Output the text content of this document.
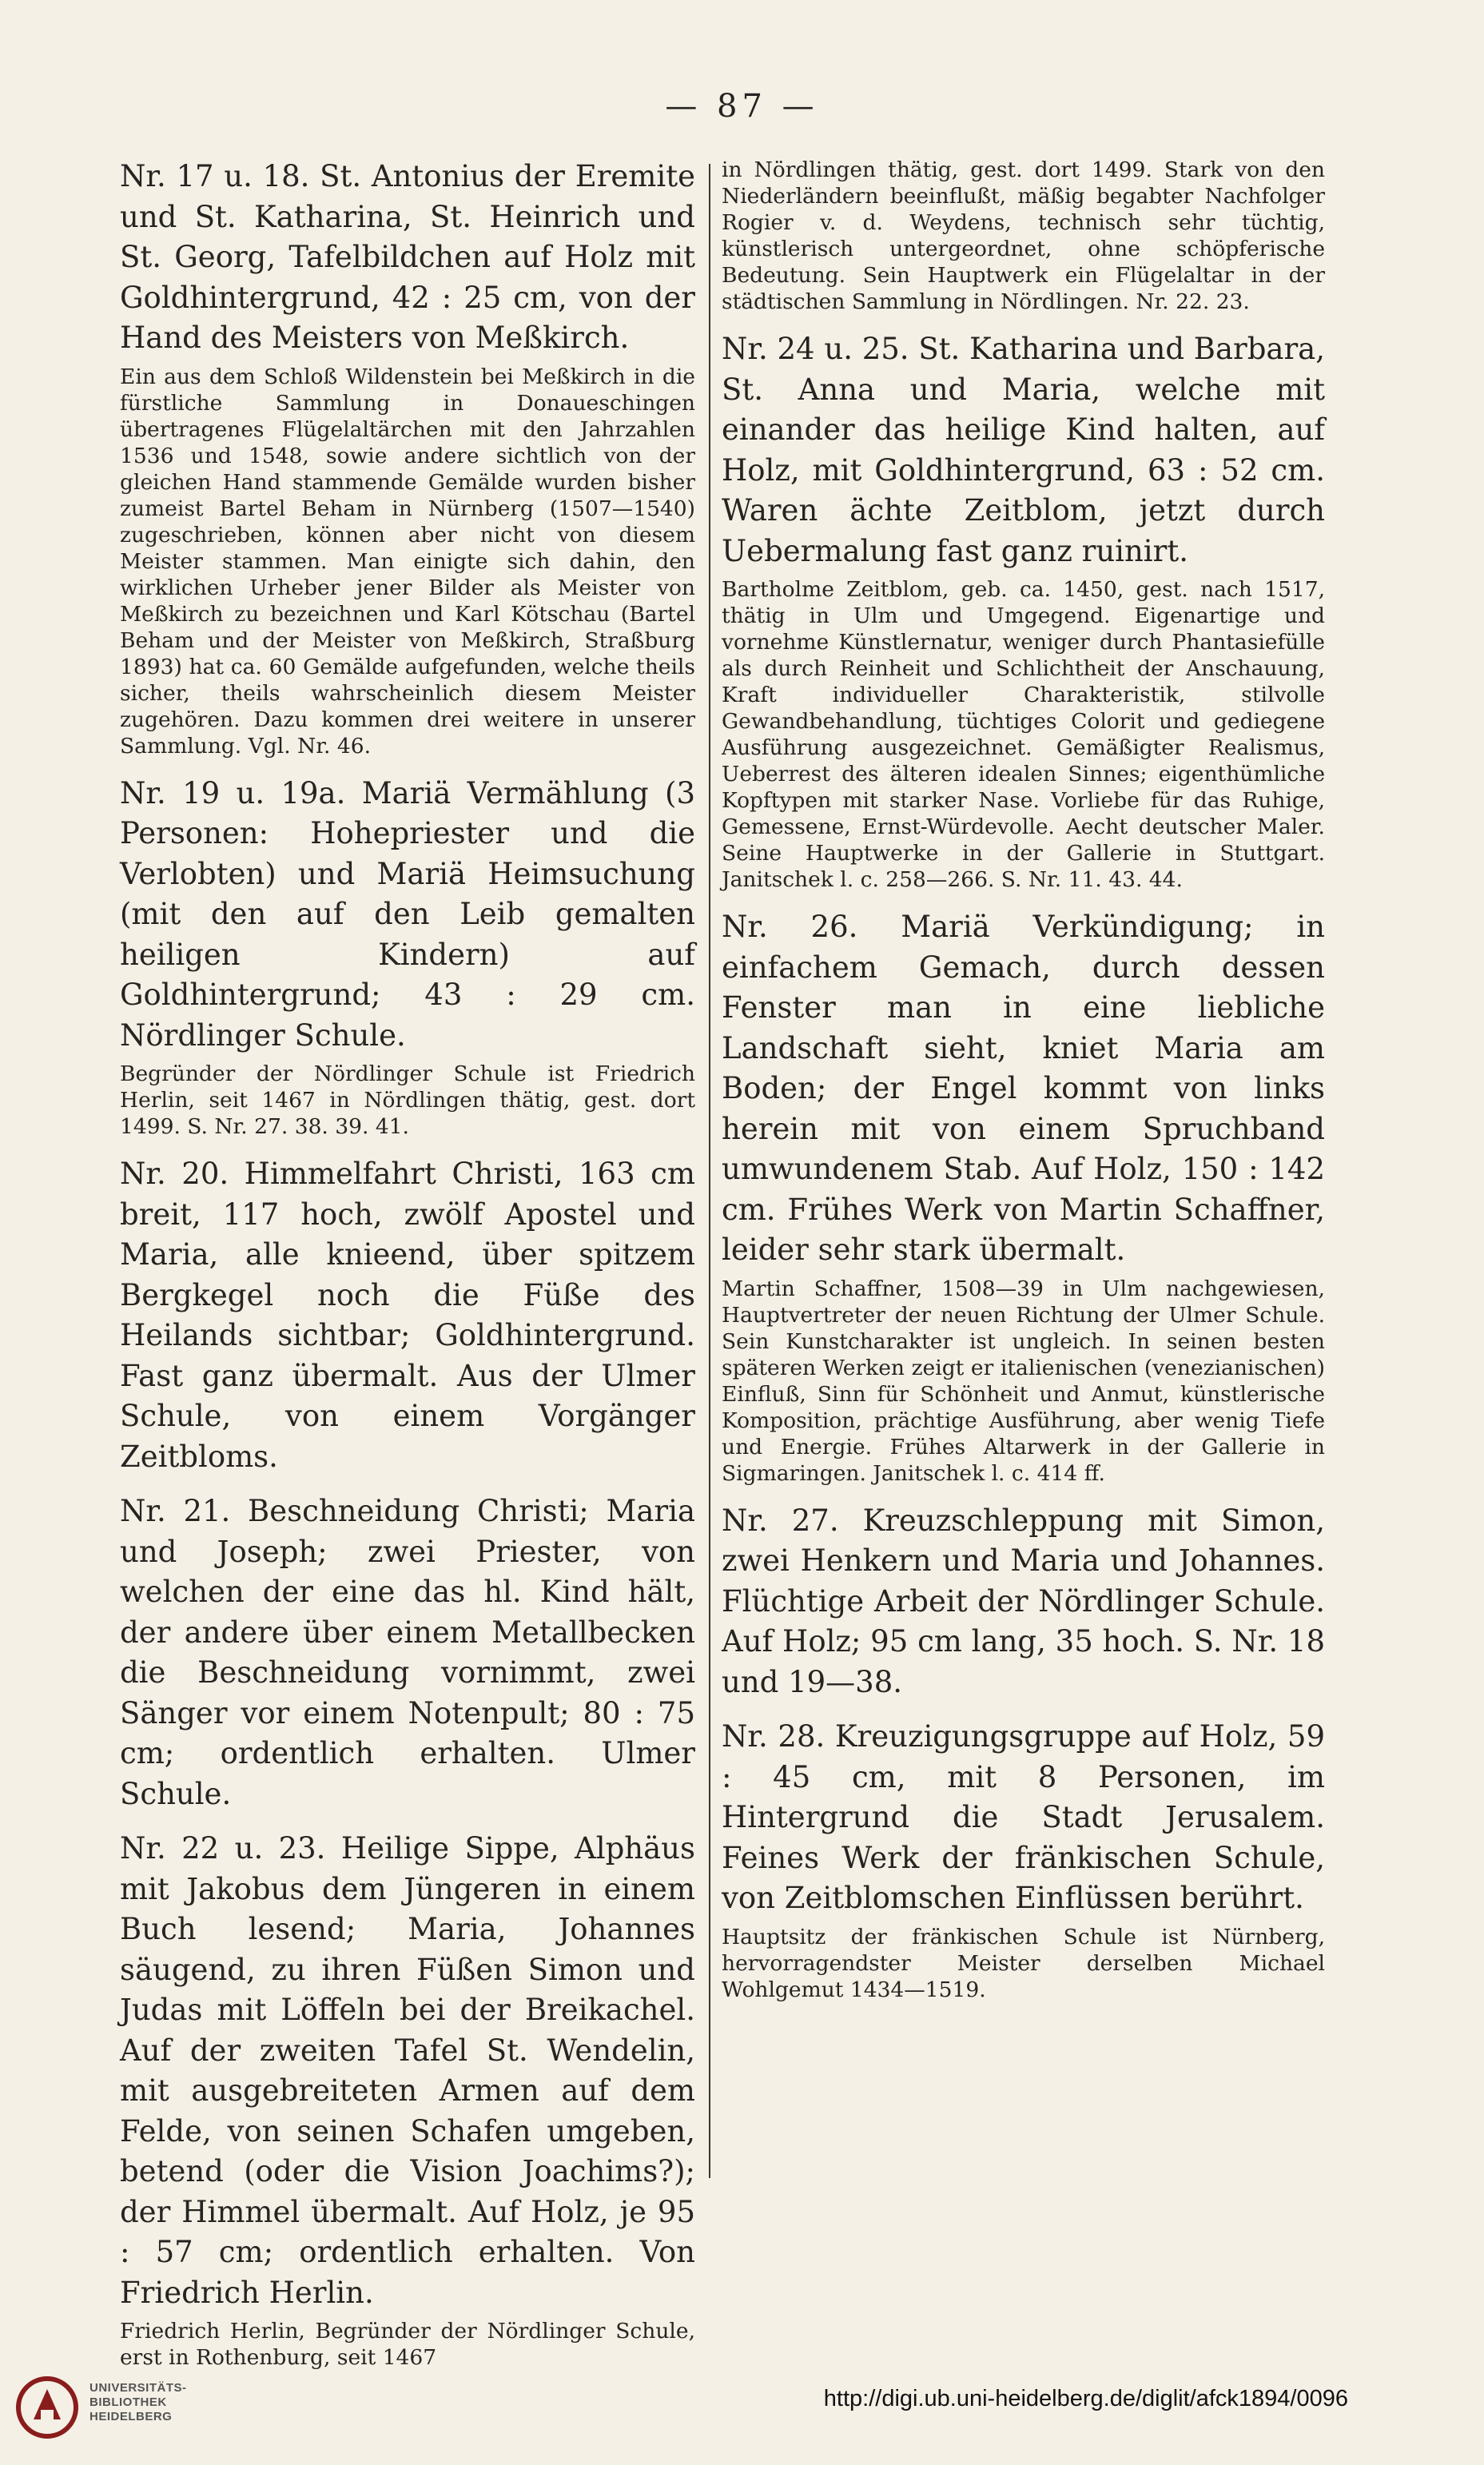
— 87 —

Nr. 17 u. 18. St. Antonius der Eremite und St. Katharina, St. Heinrich und St. Georg, Tafelbildchen auf Holz mit Goldhintergrund, 42 : 25 cm, von der Hand des Meisters von Meßkirch.

Ein aus dem Schloß Wildenstein bei Meßkirch in die fürstliche Sammlung in Donaueschingen übertragenes Flügelaltärchen mit den Jahrzahlen 1536 und 1548, sowie andere sichtlich von der gleichen Hand stammende Gemälde wurden bisher zumeist Bartel Beham in Nürnberg (1507—1540) zugeschrieben, können aber nicht von diesem Meister stammen. Man einigte sich dahin, den wirklichen Urheber jener Bilder als Meister von Meßkirch zu bezeichnen und Karl Kötschau (Bartel Beham und der Meister von Meßkirch, Straßburg 1893) hat ca. 60 Gemälde aufgefunden, welche theils sicher, theils wahrscheinlich diesem Meister zugehören. Dazu kommen drei weitere in unserer Sammlung. Vgl. Nr. 46.

Nr. 19 u. 19a. Mariä Vermählung (3 Personen: Hohepriester und die Verlobten) und Mariä Heimsuchung (mit den auf den Leib gemalten heiligen Kindern) auf Goldhintergrund; 43 : 29 cm. Nördlinger Schule.

Begründer der Nördlinger Schule ist Friedrich Herlin, seit 1467 in Nördlingen thätig, gest. dort 1499. S. Nr. 27. 38. 39. 41.

Nr. 20. Himmelfahrt Christi, 163 cm breit, 117 hoch, zwölf Apostel und Maria, alle knieend, über spitzem Bergkegel noch die Füße des Heilands sichtbar; Goldhintergrund. Fast ganz übermalt. Aus der Ulmer Schule, von einem Vorgänger Zeitbloms.

Nr. 21. Beschneidung Christi; Maria und Joseph; zwei Priester, von welchen der eine das hl. Kind hält, der andere über einem Metallbecken die Beschneidung vornimmt, zwei Sänger vor einem Notenpult; 80 : 75 cm; ordentlich erhalten. Ulmer Schule.

Nr. 22 u. 23. Heilige Sippe, Alphäus mit Jakobus dem Jüngeren in einem Buch lesend; Maria, Johannes säugend, zu ihren Füßen Simon und Judas mit Löffeln bei der Breikachel. Auf der zweiten Tafel St. Wendelin, mit ausgebreiteten Armen auf dem Felde, von seinen Schafen umgeben, betend (oder die Vision Joachims?); der Himmel übermalt. Auf Holz, je 95 : 57 cm; ordentlich erhalten. Von Friedrich Herlin.

Friedrich Herlin, Begründer der Nördlinger Schule, erst in Rothenburg, seit 1467

in Nördlingen thätig, gest. dort 1499. Stark von den Niederländern beeinflußt, mäßig begabter Nachfolger Rogier v. d. Weydens, technisch sehr tüchtig, künstlerisch untergeordnet, ohne schöpferische Bedeutung. Sein Hauptwerk ein Flügelaltar in der städtischen Sammlung in Nördlingen. Nr. 22. 23.

Nr. 24 u. 25. St. Katharina und Barbara, St. Anna und Maria, welche mit einander das heilige Kind halten, auf Holz, mit Goldhintergrund, 63 : 52 cm. Waren ächte Zeitblom, jetzt durch Uebermalung fast ganz ruinirt.

Bartholme Zeitblom, geb. ca. 1450, gest. nach 1517, thätig in Ulm und Umgegend. Eigenartige und vornehme Künstlernatur, weniger durch Phantasiefülle als durch Reinheit und Schlichtheit der Anschauung, Kraft individueller Charakteristik, stilvolle Gewandbehandlung, tüchtiges Colorit und gediegene Ausführung ausgezeichnet. Gemäßigter Realismus, Ueberrest des älteren idealen Sinnes; eigenthümliche Kopftypen mit starker Nase. Vorliebe für das Ruhige, Gemessene, Ernst-Würdevolle. Aecht deutscher Maler. Seine Hauptwerke in der Gallerie in Stuttgart. Janitschek l. c. 258—266. S. Nr. 11. 43. 44.

Nr. 26. Mariä Verkündigung; in einfachem Gemach, durch dessen Fenster man in eine liebliche Landschaft sieht, kniet Maria am Boden; der Engel kommt von links herein mit von einem Spruchband umwundenem Stab. Auf Holz, 150 : 142 cm. Frühes Werk von Martin Schaffner, leider sehr stark übermalt.

Martin Schaffner, 1508—39 in Ulm nachgewiesen, Hauptvertreter der neuen Richtung der Ulmer Schule. Sein Kunstcharakter ist ungleich. In seinen besten späteren Werken zeigt er italienischen (venezianischen) Einfluß, Sinn für Schönheit und Anmut, künstlerische Komposition, prächtige Ausführung, aber wenig Tiefe und Energie. Frühes Altarwerk in der Gallerie in Sigmaringen. Janitschek l. c. 414 ff.

Nr. 27. Kreuzschleppung mit Simon, zwei Henkern und Maria und Johannes. Flüchtige Arbeit der Nördlinger Schule. Auf Holz; 95 cm lang, 35 hoch. S. Nr. 18 und 19—38.

Nr. 28. Kreuzigungsgruppe auf Holz, 59 : 45 cm, mit 8 Personen, im Hintergrund die Stadt Jerusalem. Feines Werk der fränkischen Schule, von Zeitblomschen Einflüssen berührt.

Hauptsitz der fränkischen Schule ist Nürnberg, hervorragendster Meister derselben Michael Wohlgemut 1434—1519.

UNIVERSITÄTS-
BIBLIOTHEK
HEIDELBERG
http://digi.ub.uni-heidelberg.de/diglit/afck1894/0096
